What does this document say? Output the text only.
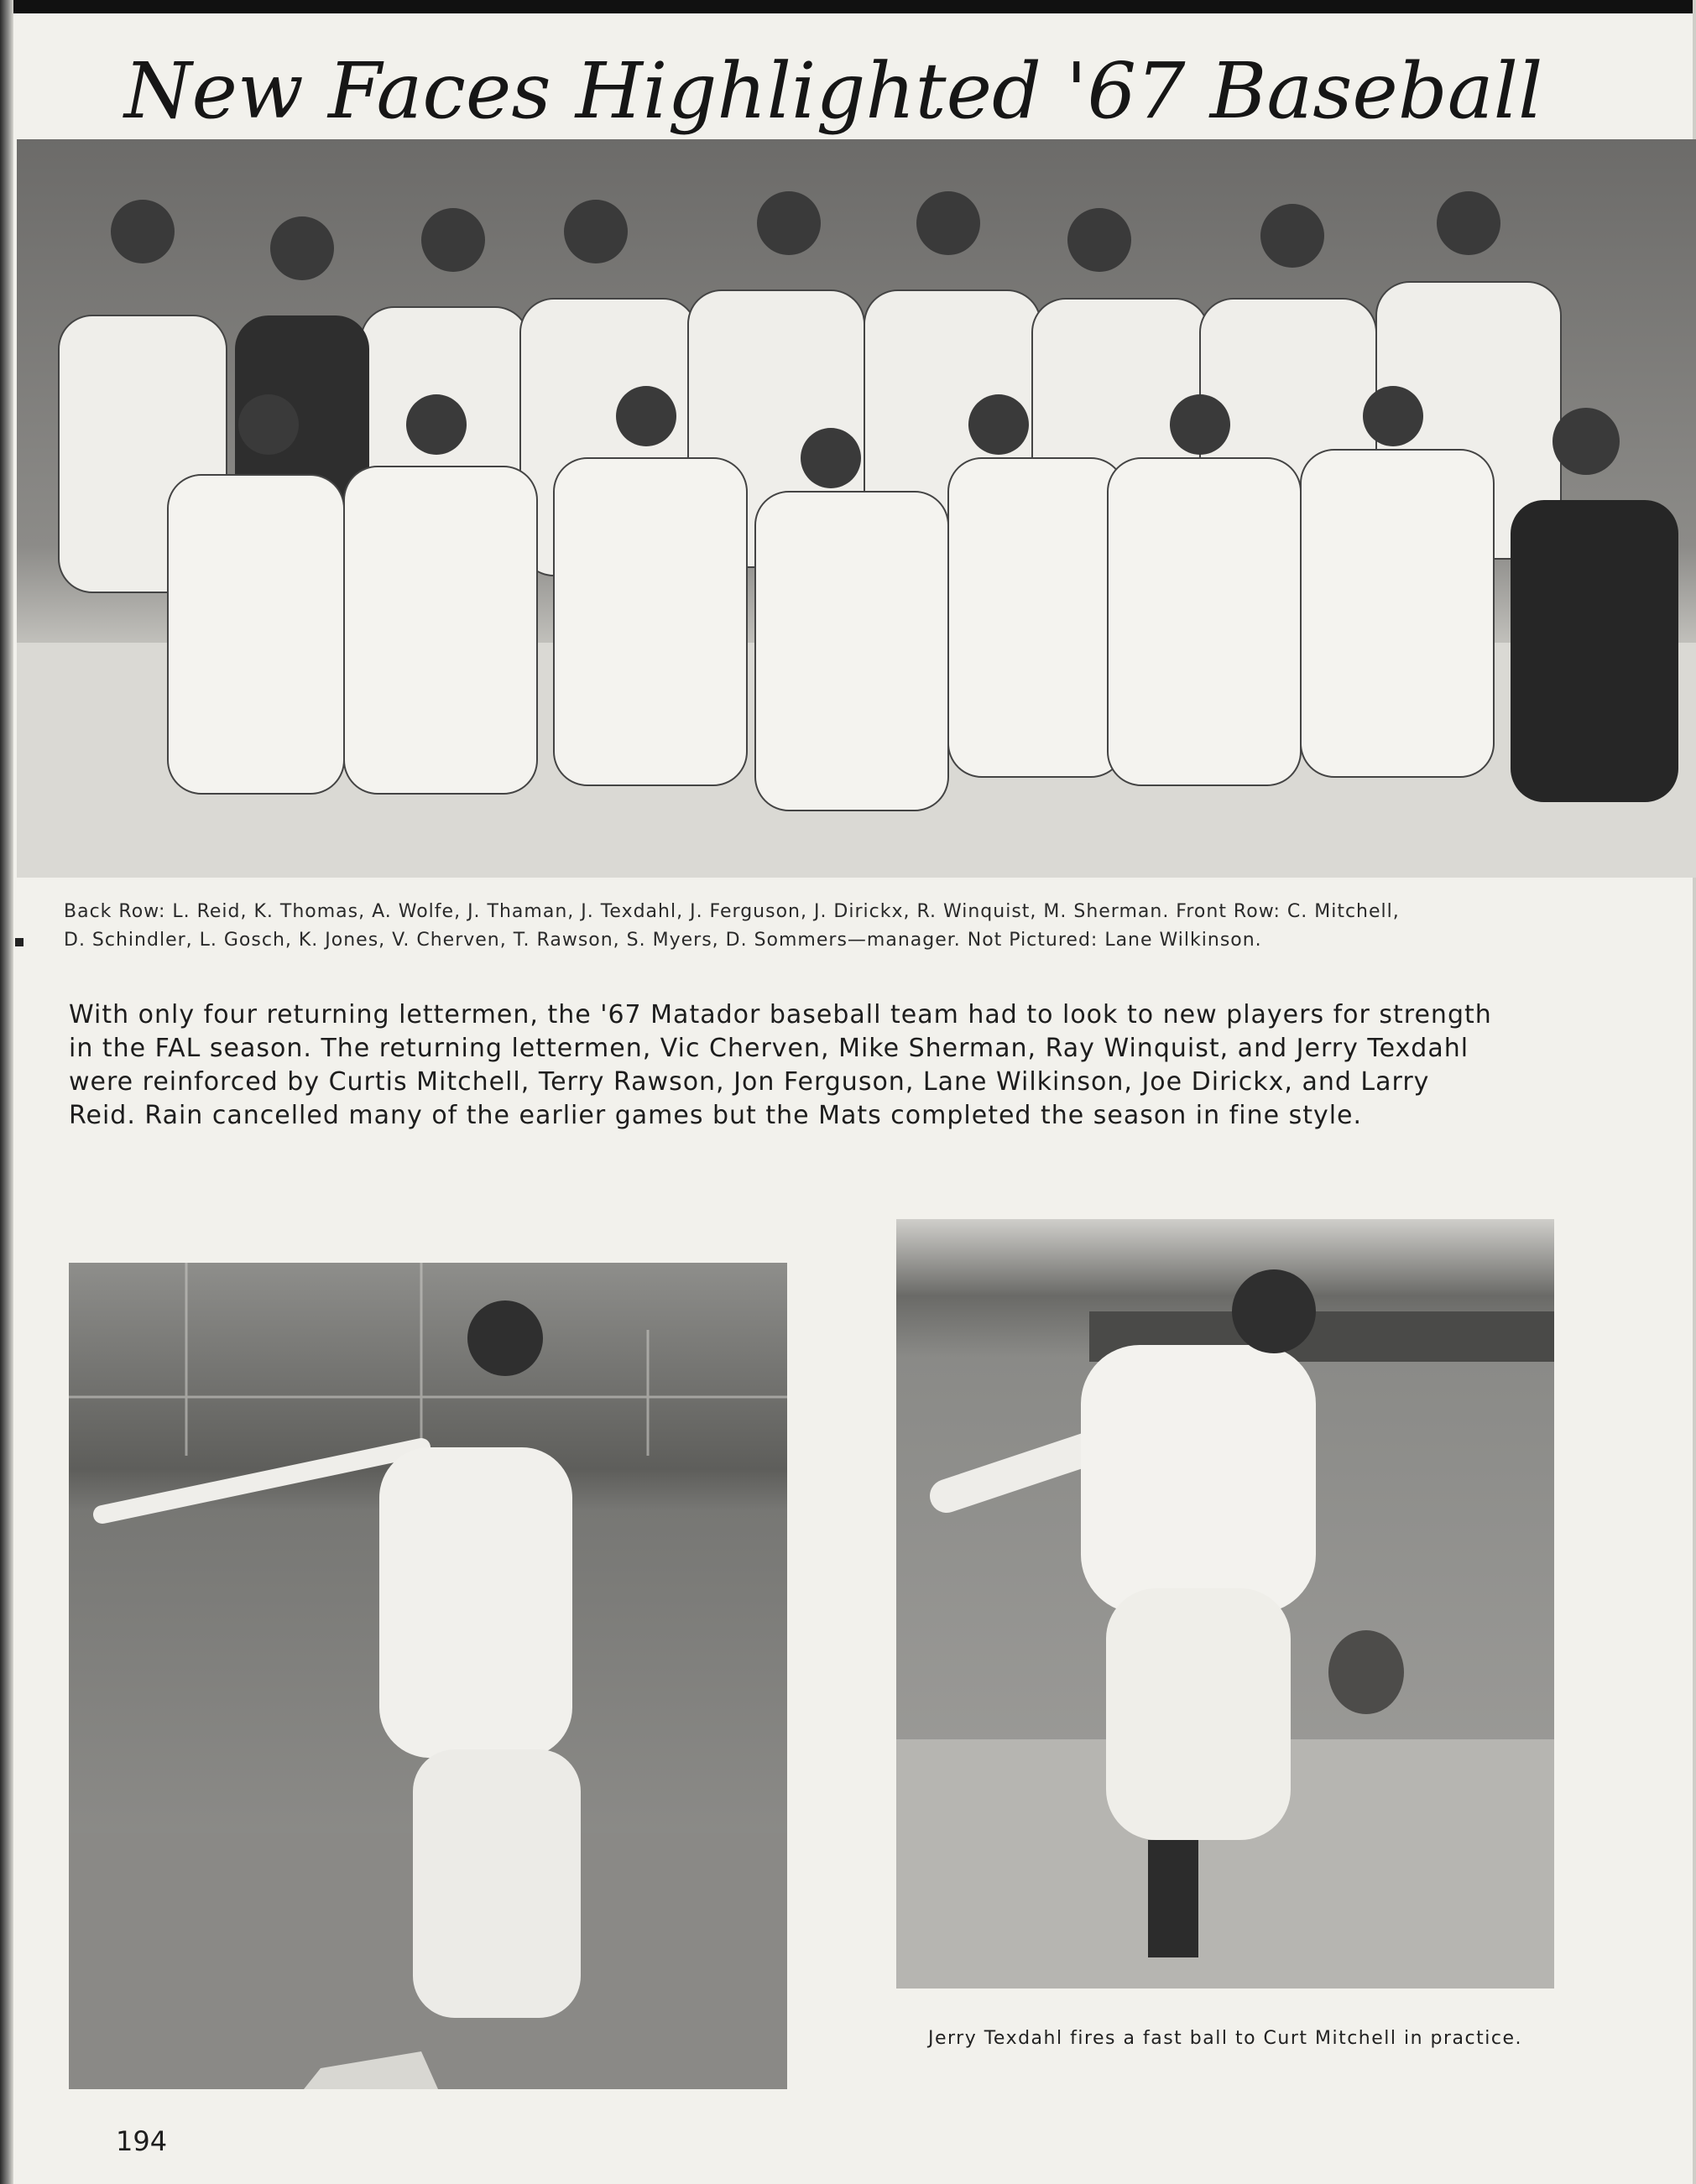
New Faces Highlighted '67 Baseball
Back Row: L. Reid, K. Thomas, A. Wolfe, J. Thaman, J. Texdahl, J. Ferguson, J. Dirickx, R. Winquist, M. Sherman. Front Row: C. Mitchell,
D. Schindler, L. Gosch, K. Jones, V. Cherven, T. Rawson, S. Myers, D. Sommers—manager. Not Pictured: Lane Wilkinson.
With only four returning lettermen, the '67 Matador baseball team had to look to new players for strength
in the FAL season. The returning lettermen, Vic Cherven, Mike Sherman, Ray Winquist, and Jerry Texdahl
were reinforced by Curtis Mitchell, Terry Rawson, Jon Ferguson, Lane Wilkinson, Joe Dirickx, and Larry
Reid. Rain cancelled many of the earlier games but the Mats completed the season in fine style.
Jerry Texdahl fires a fast ball to Curt Mitchell in practice.
194
